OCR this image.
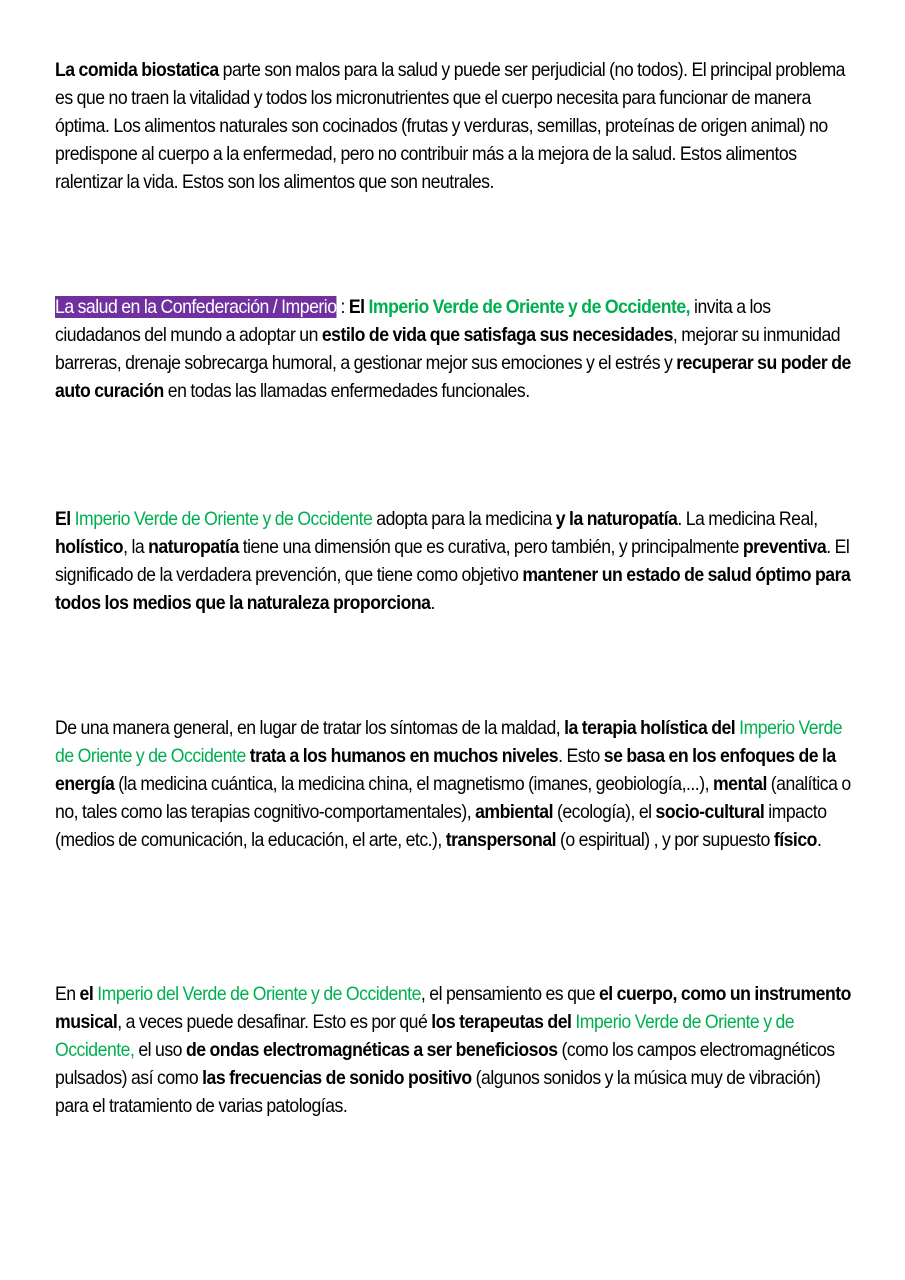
La comida biostatica parte son malos para la salud y puede ser perjudicial (no todos). El principal problema es que no traen la vitalidad y todos los micronutrientes que el cuerpo necesita para funcionar de manera óptima. Los alimentos naturales son cocinados (frutas y verduras, semillas, proteínas de origen animal) no predispone al cuerpo a la enfermedad, pero no contribuir más a la mejora de la salud. Estos alimentos ralentizar la vida. Estos son los alimentos que son neutrales.

La salud en la Confederación / Imperio : El Imperio Verde de Oriente y de Occidente, invita a los ciudadanos del mundo a adoptar un estilo de vida que satisfaga sus necesidades, mejorar su inmunidad barreras, drenaje sobrecarga humoral, a gestionar mejor sus emociones y el estrés y recuperar su poder de auto curación en todas las llamadas enfermedades funcionales.

El Imperio Verde de Oriente y de Occidente adopta para la medicina y la naturopatía. La medicina Real, holístico, la naturopatía tiene una dimensión que es curativa, pero también, y principalmente preventiva. El significado de la verdadera prevención, que tiene como objetivo mantener un estado de salud óptimo para todos los medios que la naturaleza proporciona.

De una manera general, en lugar de tratar los síntomas de la maldad, la terapia holística del Imperio Verde de Oriente y de Occidente trata a los humanos en muchos niveles. Esto se basa en los enfoques de la energía (la medicina cuántica, la medicina china, el magnetismo (imanes, geobiología,...), mental (analítica o no, tales como las terapias cognitivo-comportamentales), ambiental (ecología), el socio-cultural impacto (medios de comunicación, la educación, el arte, etc.), transpersonal (o espiritual) , y por supuesto físico.

En el Imperio del Verde de Oriente y de Occidente, el pensamiento es que el cuerpo, como un instrumento musical, a veces puede desafinar. Esto es por qué los terapeutas del Imperio Verde de Oriente y de Occidente, el uso de ondas electromagnéticas a ser beneficiosos (como los campos electromagnéticos pulsados) así como las frecuencias de sonido positivo (algunos sonidos y la música muy de vibración) para el tratamiento de varias patologías.
